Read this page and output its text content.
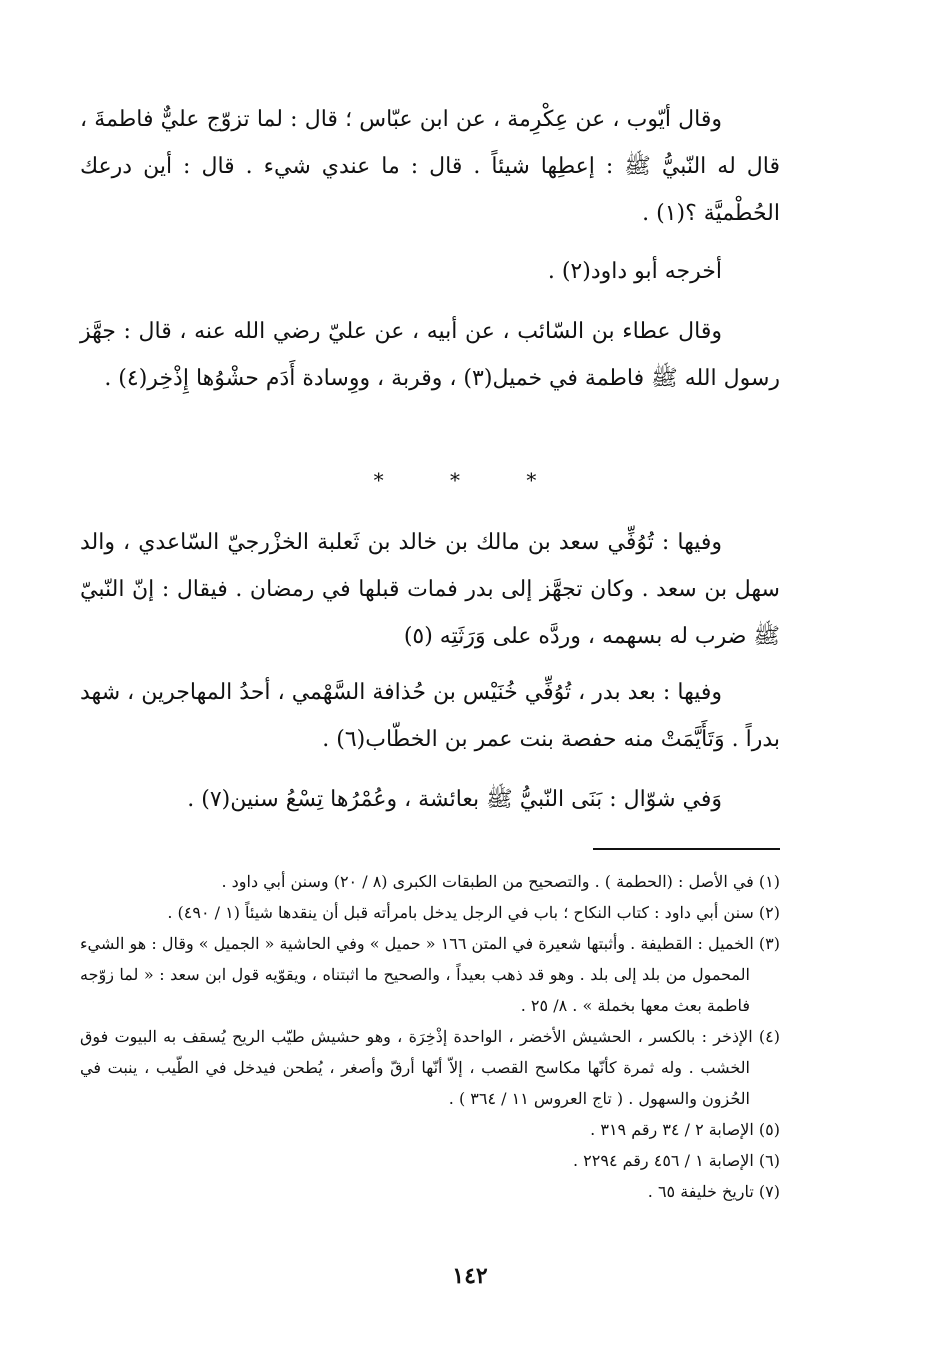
وقال أيّوب ، عن عِكْرِمة ، عن ابن عبّاس ؛ قال : لما تزوّج عليٌّ فاطمةَ ، قال له النّبيُّ ﷺ : إعطِها شيئاً . قال : ما عندي شيء . قال : أين درعك الحُطْميَّة ؟(١) .

أخرجه أبو داود(٢) .

وقال عطاء بن السّائب ، عن أبيه ، عن عليّ رضي الله عنه ، قال : جهَّز رسول الله ﷺ فاطمة في خميل(٣) ، وقربة ، ووِسادة أَدَم حشْوُها إِذْخِر(٤) .

* * *

وفيها : تُوُفِّي سعد بن مالك بن خالد بن ثَعلبة الخزْرجيّ السّاعدي ، والد سهل بن سعد . وكان تجهَّز إلى بدر فمات قبلها في رمضان . فيقال : إنّ النّبيّ ﷺ ضرب له بسهمه ، وردَّه على وَرَثَتِه (٥)

وفيها : بعد بدر ، تُوُفِّي خُنَيْس بن حُذافة السَّهْمي ، أحدُ المهاجرين ، شهد بدراً . وَتَأَيَّمَتْ منه حفصة بنت عمر بن الخطّاب(٦) .

وَفي شوّال : بَنَى النّبيُّ ﷺ بعائشة ، وعُمْرُها تِسْعُ سنين(٧) .

(١) في الأصل : (الحطمة ) . والتصحيح من الطبقات الكبرى (٨ / ٢٠) وسنن أبي داود .

(٢) سنن أبي داود : كتاب النكاح ؛ باب في الرجل يدخل بامرأته قبل أن ينقدها شيئاً (١ / ٤٩٠) .

(٣) الخميل : القطيفة . وأثبتها شعيرة في المتن ١٦٦ « حميل » وفي الحاشية « الجميل » وقال : هو الشيء المحمول من بلد إلى بلد . وهو قد ذهب بعيداً ، والصحيح ما اثبتناه ، ويقوّيه قول ابن سعد : « لما زوّجه فاطمة بعث معها بخملة » . ٨/ ٢٥ .

(٤) الإذخر : بالكسر ، الحشيش الأخضر ، الواحدة إذْخِرَة ، وهو حشيش طيّب الريح يُسقف به البيوت فوق الخشب . وله ثمرة كأنّها مكاسح القصب ، إلاّ أنّها أرقّ وأصغر ، يُطحن فيدخل في الطّيب ، ينبت في الحُزون والسهول . ( تاج العروس ١١ / ٣٦٤ ) .

(٥) الإصابة ٢ / ٣٤ رقم ٣١٩ .

(٦) الإصابة ١ / ٤٥٦ رقم ٢٢٩٤ .

(٧) تاريخ خليفة ٦٥ .

١٤٢
